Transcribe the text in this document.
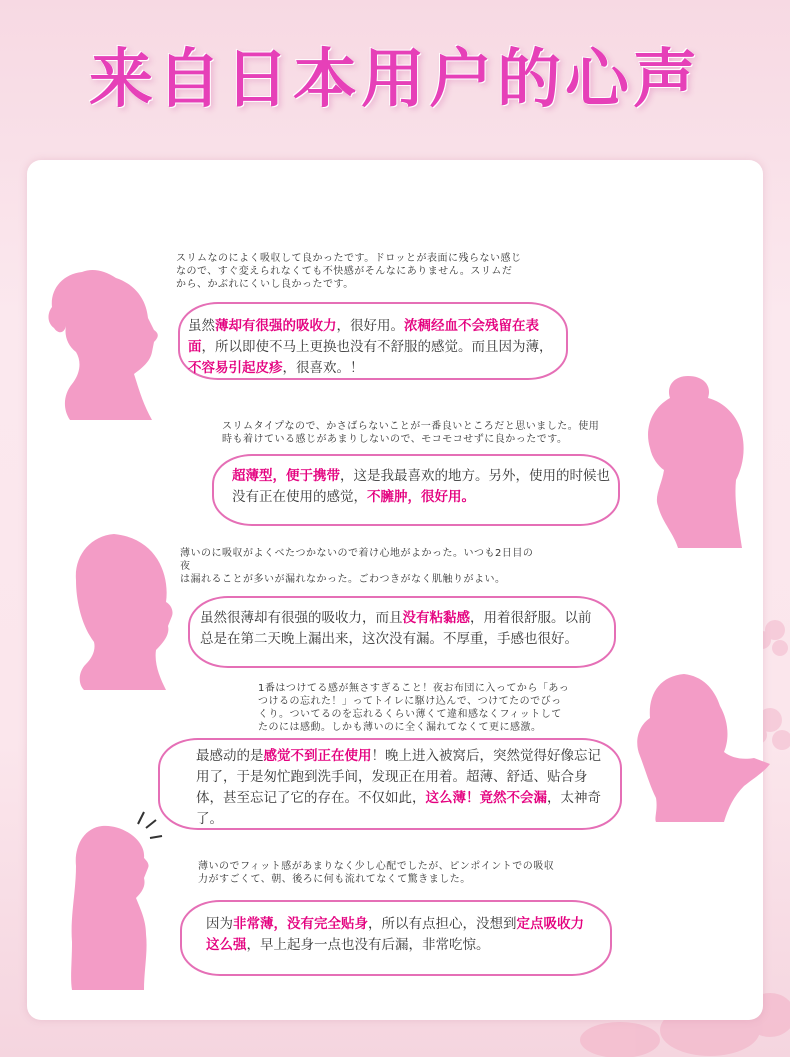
来自日本用户的心声
スリムなのによく吸収して良かったです。ドロッとが表面に残らない感じ
なので、すぐ変えられなくても不快感がそんなにありません。スリムだ
から、かぶれにくいし良かったです。
虽然薄却有很强的吸收力，很好用。浓稠经血不会残留在表面，所以即使不马上更换也没有不舒服的感觉。而且因为薄，不容易引起皮疹，很喜欢。！
スリムタイプなので、かさばらないことが一番良いところだと思いました。使用
時も着けている感じがあまりしないので、モコモコせずに良かったです。
超薄型，便于携带，这是我最喜欢的地方。另外，使用的时候也没有正在使用的感觉，不臃肿，很好用。
薄いのに吸収がよくべたつかないので着け心地がよかった。いつも2日目の
夜
は漏れることが多いが漏れなかった。ごわつきがなく肌触りがよい。
虽然很薄却有很强的吸收力，而且没有粘黏感，用着很舒服。以前总是在第二天晚上漏出来，这次没有漏。不厚重，手感也很好。
1番はつけてる感が無さすぎること！夜お布団に入ってから「あっ
つけるの忘れた！」ってトイレに駆け込んで、つけてたのでびっ
くり。ついてるのを忘れるくらい薄くて違和感なくフィットして
たのには感動。しかも薄いのに全く漏れてなくて更に感激。
最感动的是感觉不到正在使用！晚上进入被窝后，突然觉得好像忘记用了，于是匆忙跑到洗手间，发现正在用着。超薄、舒适、贴合身体，甚至忘记了它的存在。不仅如此，这么薄！竟然不会漏，太神奇了。
薄いのでフィット感があまりなく少し心配でしたが、ピンポイントでの吸収
力がすごくて、朝、後ろに何も流れてなくて驚きました。
因为非常薄，没有完全贴身，所以有点担心，没想到定点吸收力这么强，早上起身一点也没有后漏，非常吃惊。
